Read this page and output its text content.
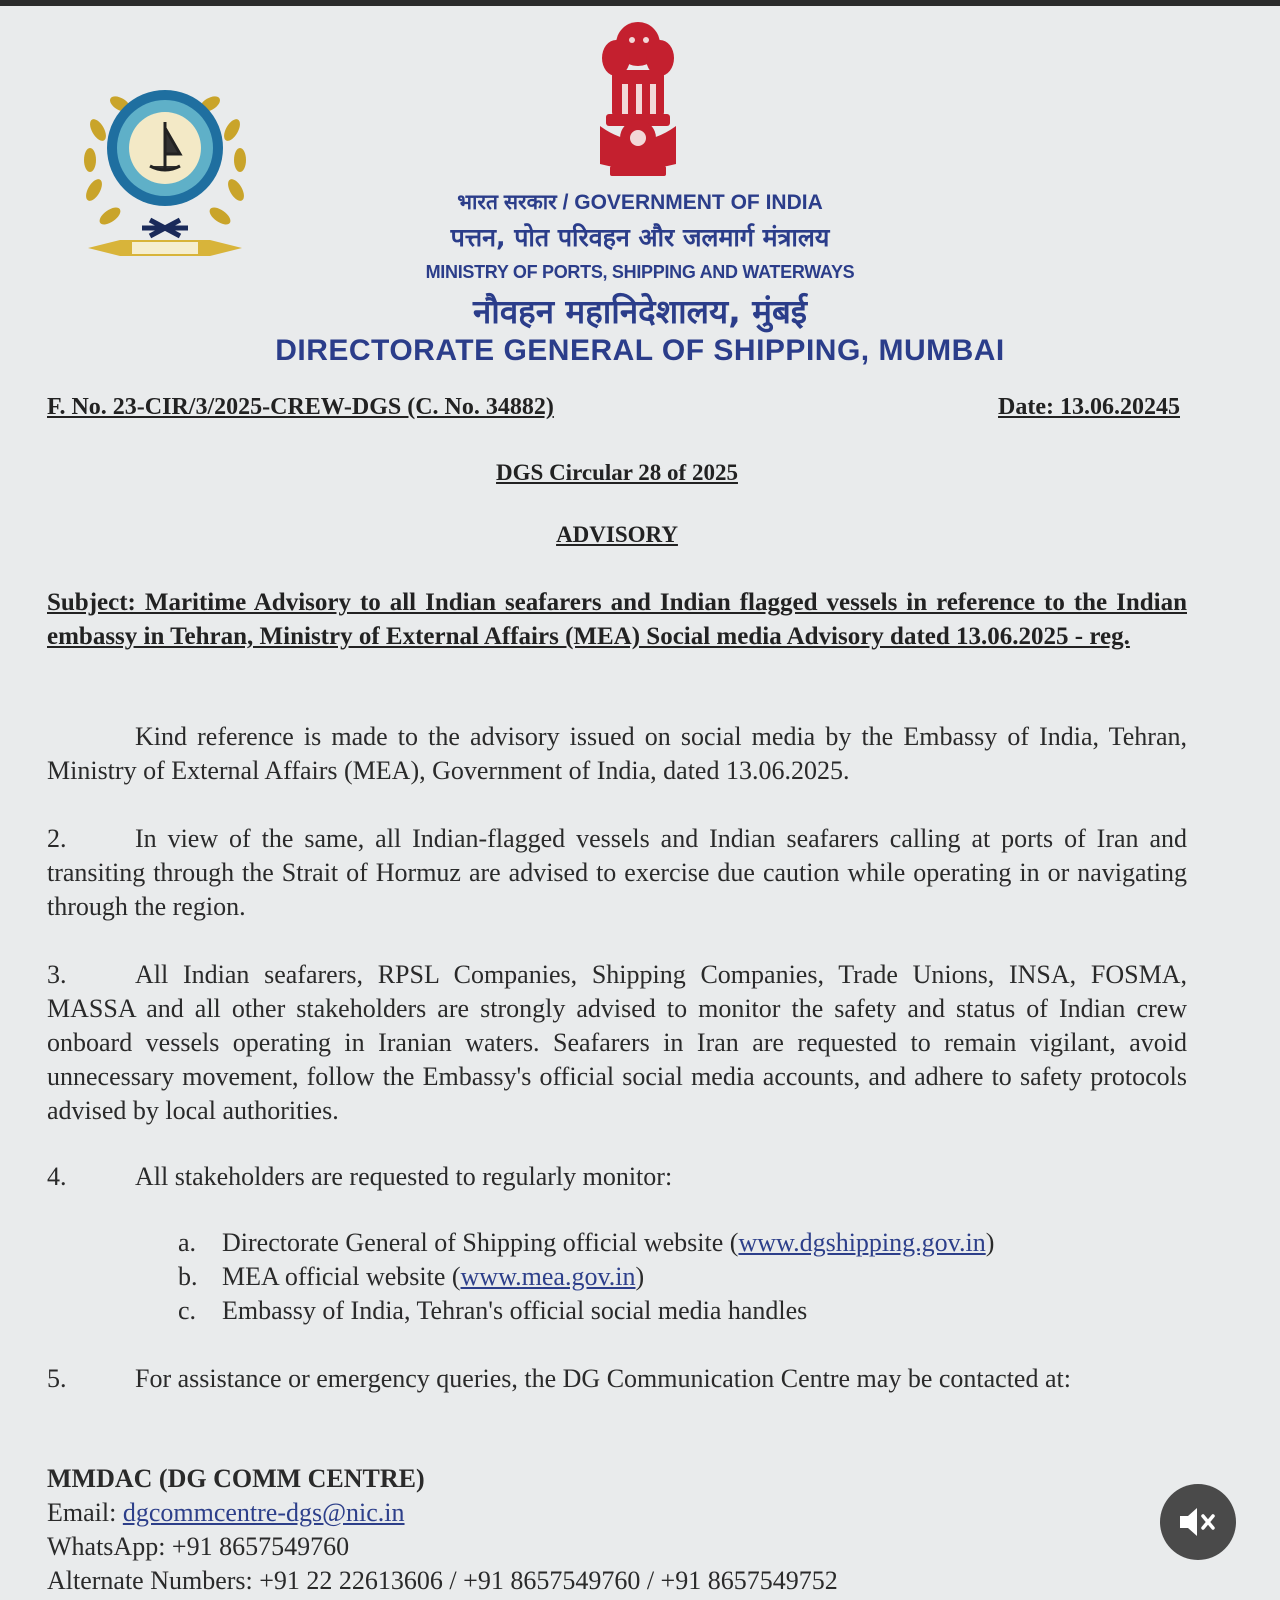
भारत सरकार / GOVERNMENT OF INDIA
पत्तन, पोत परिवहन और जलमार्ग मंत्रालय
MINISTRY OF PORTS, SHIPPING AND WATERWAYS
नौवहन महानिदेशालय, मुंबई
DIRECTORATE GENERAL OF SHIPPING, MUMBAI
F. No. 23-CIR/3/2025-CREW-DGS (C. No. 34882)	Date: 13.06.20245
DGS Circular 28 of 2025
ADVISORY
Subject: Maritime Advisory to all Indian seafarers and Indian flagged vessels in reference to the Indian embassy in Tehran, Ministry of External Affairs (MEA) Social media Advisory dated 13.06.2025 - reg.
Kind reference is made to the advisory issued on social media by the Embassy of India, Tehran, Ministry of External Affairs (MEA), Government of India, dated 13.06.2025.
2.	In view of the same, all Indian-flagged vessels and Indian seafarers calling at ports of Iran and transiting through the Strait of Hormuz are advised to exercise due caution while operating in or navigating through the region.
3.	All Indian seafarers, RPSL Companies, Shipping Companies, Trade Unions, INSA, FOSMA, MASSA and all other stakeholders are strongly advised to monitor the safety and status of Indian crew onboard vessels operating in Iranian waters. Seafarers in Iran are requested to remain vigilant, avoid unnecessary movement, follow the Embassy's official social media accounts, and adhere to safety protocols advised by local authorities.
4.	All stakeholders are requested to regularly monitor:
a. Directorate General of Shipping official website (www.dgshipping.gov.in)
b. MEA official website (www.mea.gov.in)
c. Embassy of India, Tehran's official social media handles
5.	For assistance or emergency queries, the DG Communication Centre may be contacted at:
MMDAC (DG COMM CENTRE)
Email: dgcommcentre-dgs@nic.in
WhatsApp: +91 8657549760
Alternate Numbers: +91 22 22613606 / +91 8657549760 / +91 8657549752
